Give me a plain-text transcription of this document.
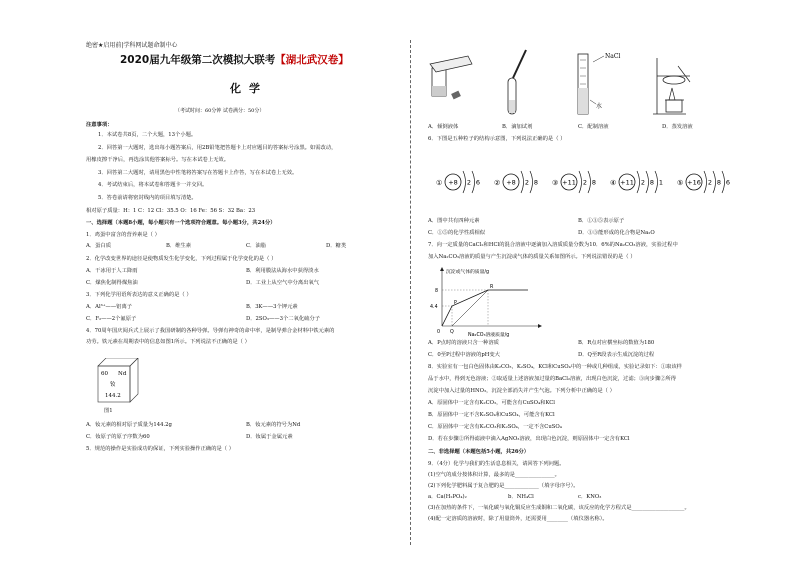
绝密★启用前|学科网试题命制中心
2020届九年级第二次模拟大联考【湖北武汉卷】
化学
（考试时间：60分钟 试卷满分：50分）
注意事项：
1．本试卷共8页，二个大题，13个小题。
2．回答第一大题时，选出每小题答案后，用2B铅笔把答题卡上对应题目的答案标号涂黑。如需改动，
用橡皮擦干净后，再选涂其他答案标号。写在本试卷上无效。
3．回答第二大题时，请用黑色中性笔将答案写在答题卡上作答，写在本试卷上无效。
4．考试结束后，将本试卷和答题卡一并交回。
5．答卷前请将密封线内的项目填写清楚。
相对原子质量：H：1 C：12 Cl：35.5 O：16 Fe：56 S：32 Ba：23
一、选择题（本题8小题，每小题只有一个选项符合题意。每小题3分，共24分）
1．鸡蛋中富含的营养素是（ ）
A．蛋白质	B．维生素	C．油脂	D．糖类
2．化学改变世界的途径是使物质发生化学变化，下列过程属于化学变化的是（ ）
A．干冰用于人工降雨	B．利用膜法从海水中获得淡水
C．煤焦化制得煤焦油	D．工业上从空气中分离出氧气
3．下列化学用语所表达的意义正确的是（ ）
A．Al³⁺——铝离子	B．3K——3个钾元素
C．F₂——2个氟原子	D．2SO₃——3个二氧化硫分子
4．70周年国庆阅兵式上展示了我国研制的各种导弹。导弹有神奇的命中率，是制导弹合金材料中铁元素的
功劳。铁元素在周期表中的信息如图1所示。下列说法不正确的是（ ）
60 Nd
钕
144.2
图1
A．钕元素的相对原子质量为144.2g	B．钕元素的符号为Nd
C．钕原子的原子序数为60	D．钕属于金属元素
5．规范的操作是实验成功的保证，下列实验操作正确的是（ ）
NaCl
水
A．倾倒液体	B．滴加试剂	C．配制溶液	D．蒸发溶液
6．下图是五种粒子的结构示意图，下列说法正确的是（ ）
① +8 2 6 ② +8 2 8 ③ +11 2 8 ④ +11 2 8 1 ⑤ +16 2 8 6
A．图中共有四种元素	B．①③⑤表示原子
C．①⑤的化学性质相似	D．③③能形成的化合物是Na₂O
7．向一定质量的CaCl₂和HCl的混合溶液中逐滴加入溶质质量分数为10．6%的Na₂CO₃溶液，实验过程中
加入Na₂CO₃溶液的质量与产生沉淀或气体的质量关系如图所示。下列说法错误的是（ ）
沉淀或气体的质量/g
8
4.4
P
R
Q
0
Na₂CO₃溶液质量/g
A．P点时的溶液只含一种溶质	B．R点对应横坐标的数值为180
C．0至P过程中溶液的pH变大	D．Q至R段表示生成沉淀的过程
8．实验室有一包白色固体由K₂CO₃，K₂SO₄，KCl和CuSO₄中的一种或几种组成，实验记录如下：①取该样
品于水中，得到无色溶液；②取适量上述溶液加过量的BaCl₂溶液，出现白色沉淀，过滤；③向步骤②所得
沉淀中加入过量的HNO₃，沉淀全部消失并产生气泡。下列分析中正确的是（ ）
A．原固体中一定含有K₂CO₃，可能含有CuSO₄和KCl
B．原固体中一定不含K₂SO₄和CuSO₄，可能含有KCl
C．原固体中一定含有K₂CO₃和K₂SO₄，一定不含CuSO₄
D．若在步骤②所得滤液中滴入AgNO₃溶液，出现白色沉淀，则原固体中一定含有KCl
二、非选择题（本题包括5小题，共26分）
9．（4分）化学与我们的生活息息相关，请回答下列问题。
(1)空气的成分按体积计算，最多的是_______________。
(2)下列化学肥料属于复合肥的是_____________（填字母序号）。
a．Ca(H₂PO₄)₂	b．NH₄Cl	c．KNO₃
(3)在加热的条件下，一氧化碳与氧化铜反应生成铜和二氧化碳，该反应的化学方程式是____________________。
(4)配一定溶质的溶液时，除了用量筒外，还需要用________（填仪器名称）。
